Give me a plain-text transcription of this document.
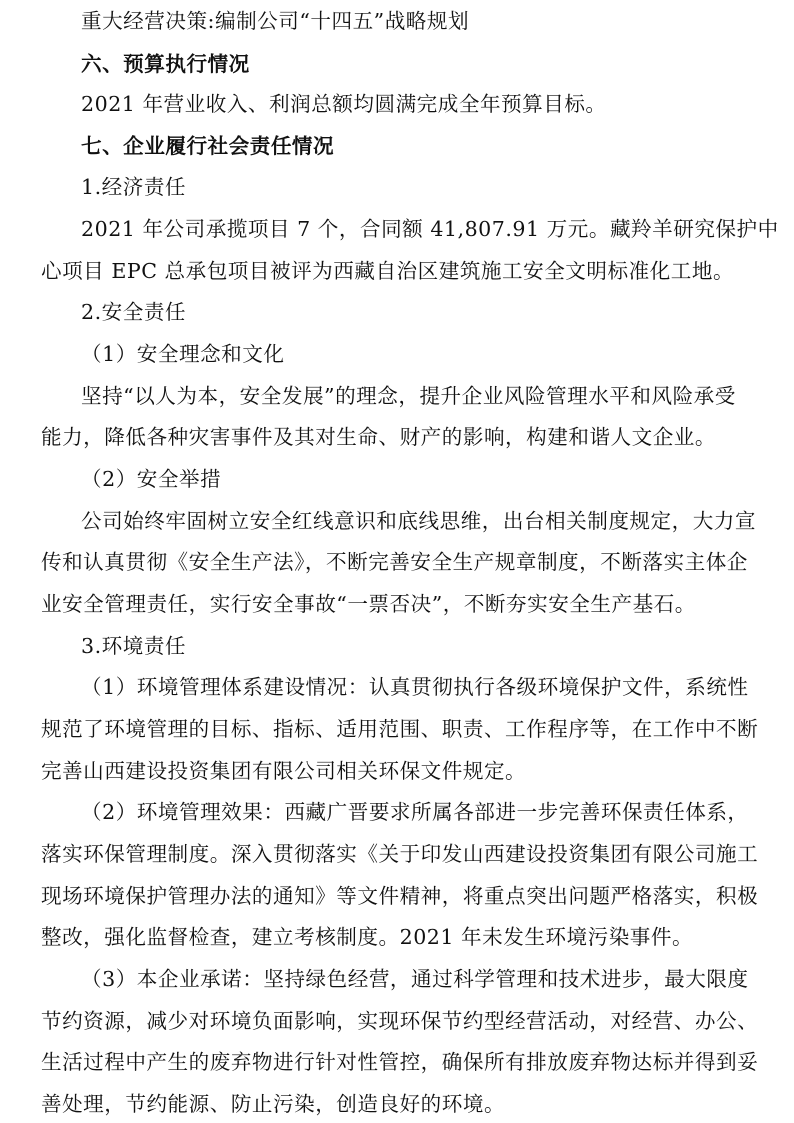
重大经营决策:编制公司“十四五”战略规划
六、预算执行情况
2021 年营业收入、利润总额均圆满完成全年预算目标。
七、企业履行社会责任情况
1.经济责任
2021 年公司承揽项目 7 个，合同额 41,807.91 万元。藏羚羊研究保护中
心项目 EPC 总承包项目被评为西藏自治区建筑施工安全文明标准化工地。
2.安全责任
（1）安全理念和文化
坚持“以人为本，安全发展”的理念，提升企业风险管理水平和风险承受
能力，降低各种灾害事件及其对生命、财产的影响，构建和谐人文企业。
（2）安全举措
公司始终牢固树立安全红线意识和底线思维，出台相关制度规定，大力宣
传和认真贯彻《安全生产法》，不断完善安全生产规章制度，不断落实主体企
业安全管理责任，实行安全事故“一票否决”，不断夯实安全生产基石。
3.环境责任
（1）环境管理体系建设情况：认真贯彻执行各级环境保护文件，系统性
规范了环境管理的目标、指标、适用范围、职责、工作程序等，在工作中不断
完善山西建设投资集团有限公司相关环保文件规定。
（2）环境管理效果：西藏广晋要求所属各部进一步完善环保责任体系，
落实环保管理制度。深入贯彻落实《关于印发山西建设投资集团有限公司施工
现场环境保护管理办法的通知》等文件精神，将重点突出问题严格落实，积极
整改，强化监督检查，建立考核制度。2021 年未发生环境污染事件。
（3）本企业承诺：坚持绿色经营，通过科学管理和技术进步，最大限度
节约资源，减少对环境负面影响，实现环保节约型经营活动，对经营、办公、
生活过程中产生的废弃物进行针对性管控，确保所有排放废弃物达标并得到妥
善处理，节约能源、防止污染，创造良好的环境。
